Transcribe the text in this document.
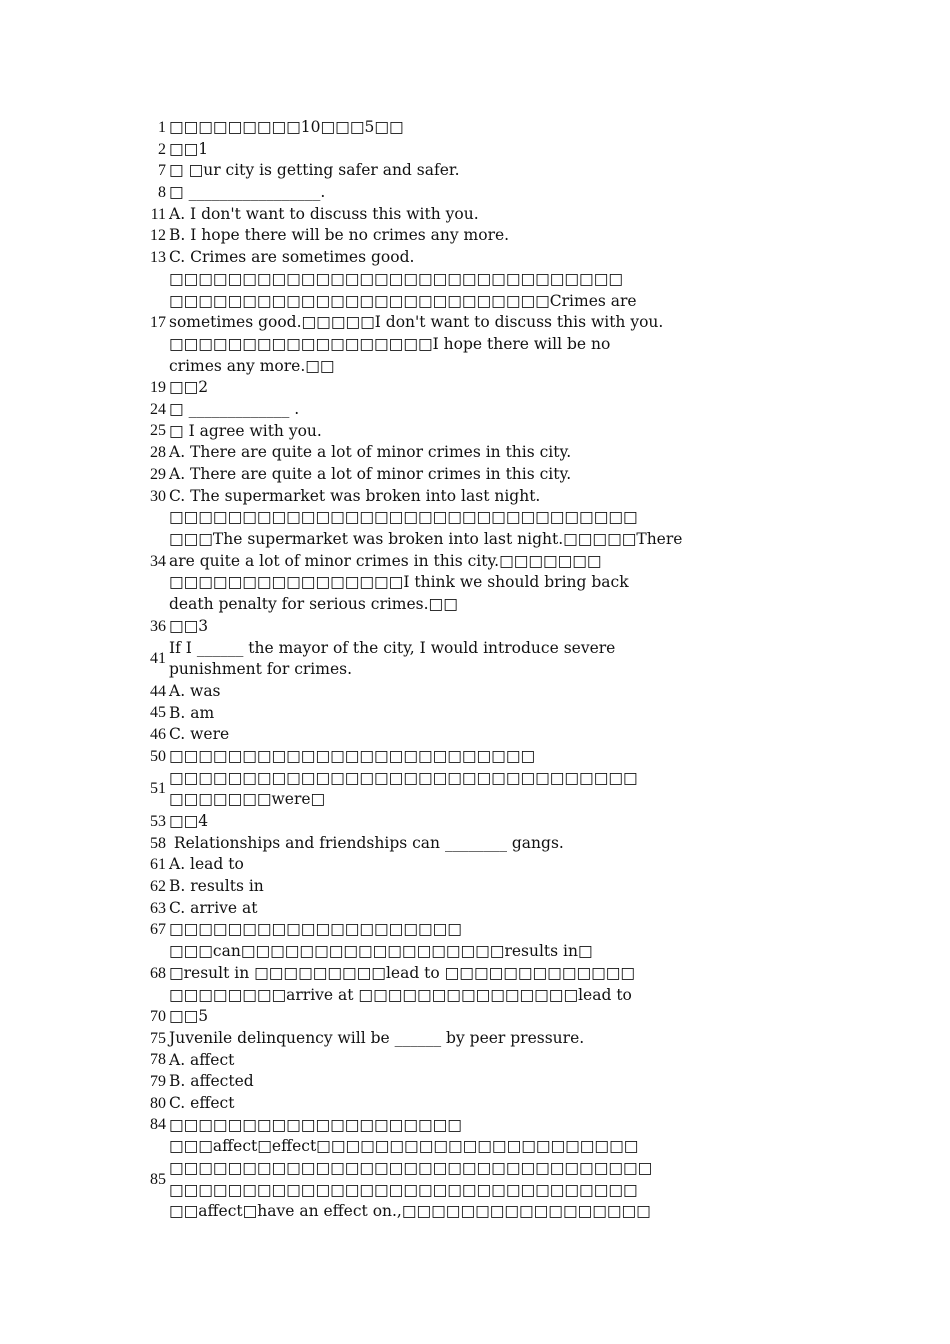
1 □□□□□□□□□10□□□5□□
2 □□1
7 □ □ur city is getting safer and safer.
8 □ _________________.
11 A. I don't want to discuss this with you.
12 B. I hope there will be no crimes any more.
13 C. Crimes are sometimes good.
17
□□□□□□□□□□□□□□□□□□□□□□□□□□□□□□□
□□□□□□□□□□□□□□□□□□□□□□□□□□Crimes are
sometimes good.□□□□□I don't want to discuss this with you.
□□□□□□□□□□□□□□□□□□I hope there will be no
crimes any more.□□
19 □□2
24 □ _____________ .
25 □ I agree with you.
28 A. There are quite a lot of minor crimes in this city.
29 A. There are quite a lot of minor crimes in this city.
30 C. The supermarket was broken into last night.
34
□□□□□□□□□□□□□□□□□□□□□□□□□□□□□□□□
□□□The supermarket was broken into last night.□□□□□There
are quite a lot of minor crimes in this city.□□□□□□□
□□□□□□□□□□□□□□□□I think we should bring back
death penalty for serious crimes.□□
36 □□3
41
If I ______ the mayor of the city, I would introduce severe
punishment for crimes.
44 A. was
45 B. am
46 C. were
50 □□□□□□□□□□□□□□□□□□□□□□□□□
51
□□□□□□□□□□□□□□□□□□□□□□□□□□□□□□□□
□□□□□□□were□
53 □□4
58 Relationships and friendships can ________ gangs.
61 A. lead to
62 B. results in
63 C. arrive at
67 □□□□□□□□□□□□□□□□□□□□
68
□□□can□□□□□□□□□□□□□□□□□□results in□
□result in □□□□□□□□□lead to □□□□□□□□□□□□□
□□□□□□□□arrive at □□□□□□□□□□□□□□□lead to
70 □□5
75 Juvenile delinquency will be ______ by peer pressure.
78 A. affect
79 B. affected
80 C. effect
84 □□□□□□□□□□□□□□□□□□□□
85
□□□affect□effect□□□□□□□□□□□□□□□□□□□□□□
□□□□□□□□□□□□□□□□□□□□□□□□□□□□□□□□□
□□□□□□□□□□□□□□□□□□□□□□□□□□□□□□□□
□□affect□have an effect on.,□□□□□□□□□□□□□□□□□
